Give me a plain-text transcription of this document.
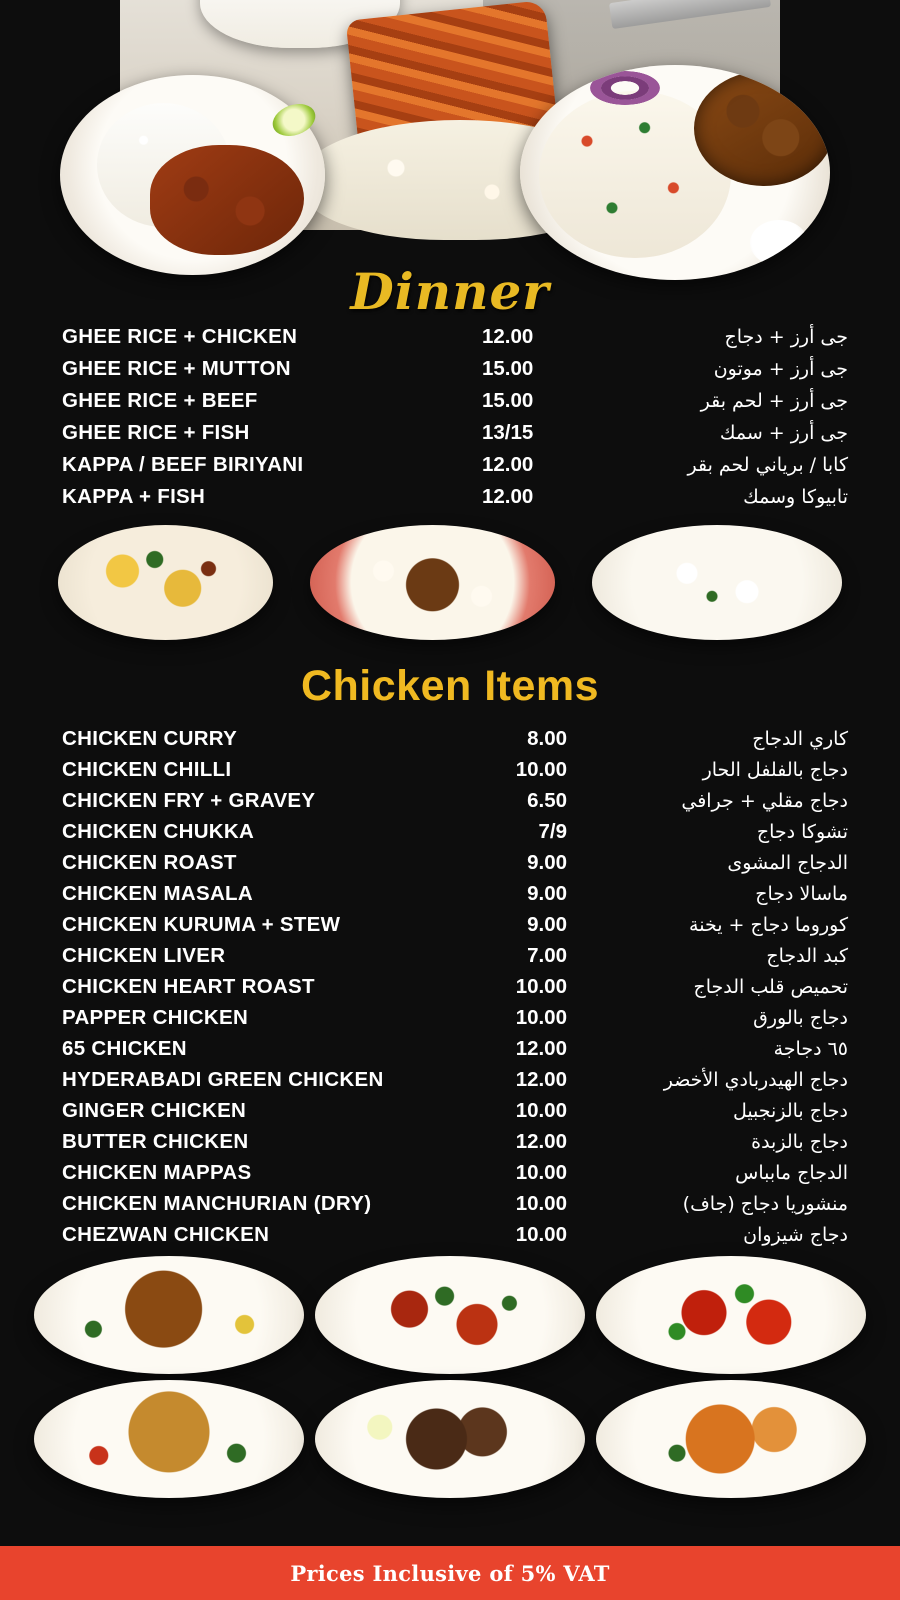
Dinner
GHEE RICE + CHICKEN	12.00	جى أرز + دجاج
GHEE RICE + MUTTON	15.00	جى أرز + موتون
GHEE RICE + BEEF	15.00	جى أرز + لحم بقر
GHEE RICE + FISH	13/15	جى أرز + سمك
KAPPA / BEEF BIRIYANI	12.00	كابا / برياني لحم بقر
KAPPA + FISH	12.00	تابيوكا وسمك
Chicken Items
CHICKEN CURRY	8.00	كاري الدجاج
CHICKEN CHILLI	10.00	دجاج بالفلفل الحار
CHICKEN FRY + GRAVEY	6.50	دجاج مقلي + جرافي
CHICKEN CHUKKA	7/9	تشوكا دجاج
CHICKEN ROAST	9.00	الدجاج المشوى
CHICKEN MASALA	9.00	ماسالا دجاج
CHICKEN KURUMA + STEW	9.00	كوروما دجاج + يخنة
CHICKEN LIVER	7.00	كبد الدجاج
CHICKEN HEART ROAST	10.00	تحميص قلب الدجاج
PAPPER CHICKEN	10.00	دجاج بالورق
65 CHICKEN	12.00	٦٥ دجاجة
HYDERABADI GREEN CHICKEN	12.00	دجاج الهيدربادي الأخضر
GINGER CHICKEN	10.00	دجاج بالزنجبيل
BUTTER CHICKEN	12.00	دجاج بالزبدة
CHICKEN MAPPAS	10.00	الدجاج مابباس
CHICKEN MANCHURIAN (DRY)	10.00	منشوريا دجاج (جاف)
CHEZWAN CHICKEN	10.00	دجاج شيزوان
Prices Inclusive of 5% VAT
